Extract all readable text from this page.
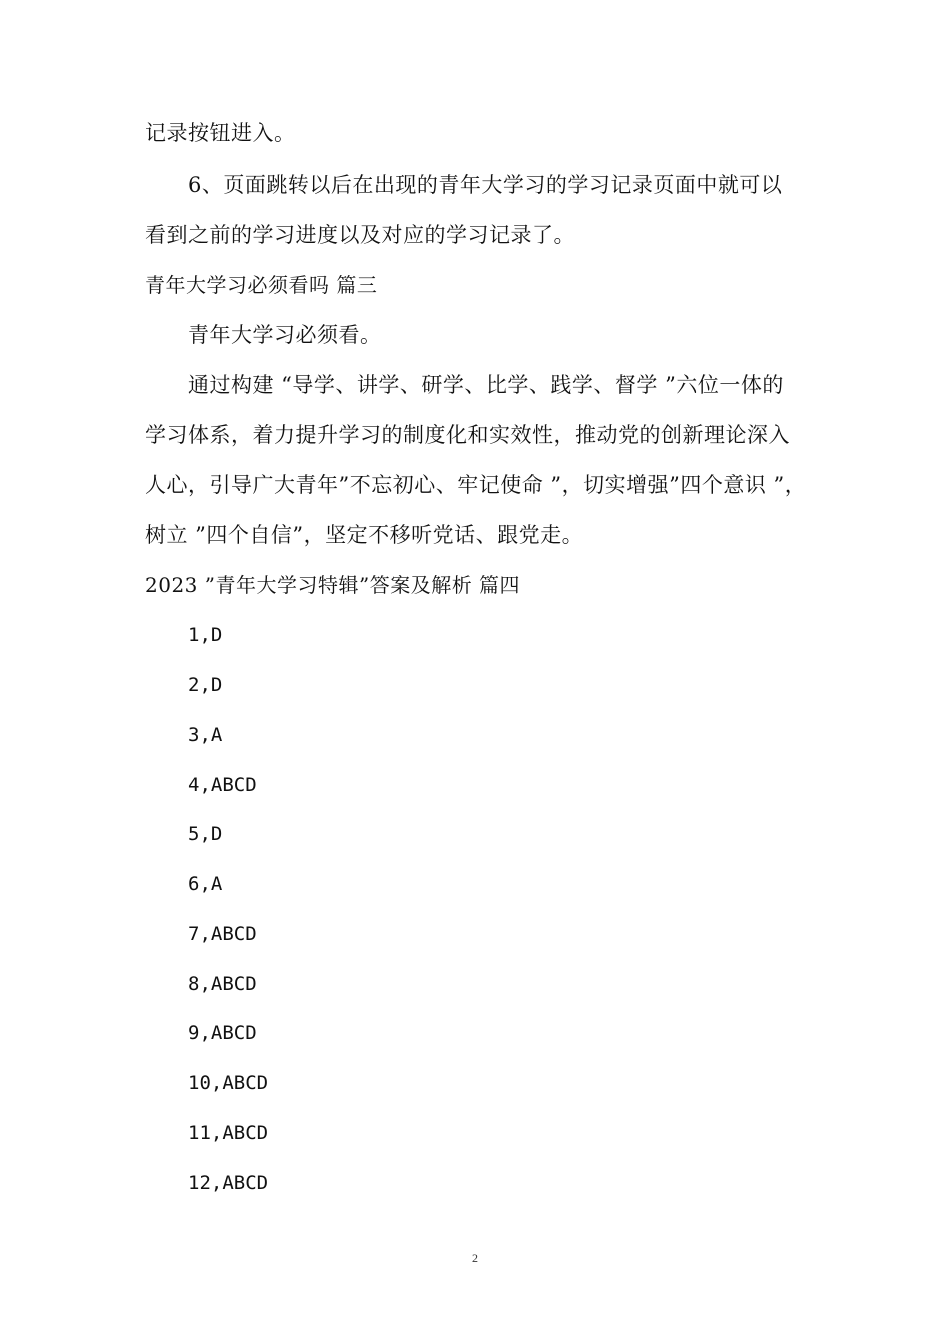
记录按钮进入。
6、页面跳转以后在出现的青年大学习的学习记录页面中就可以
看到之前的学习进度以及对应的学习记录了。
青年大学习必须看吗 篇三
青年大学习必须看。
通过构建 “导学、讲学、研学、比学、践学、督学 ”六位一体的
学习体系，着力提升学习的制度化和实效性，推动党的创新理论深入
人心，引导广大青年”不忘初心、牢记使命 ”，切实增强”四个意识 ”，
树立 ”四个自信”，坚定不移听党话、跟党走。
2023 ”青年大学习特辑”答案及解析 篇四
1,D
2,D
3,A
4,ABCD
5,D
6,A
7,ABCD
8,ABCD
9,ABCD
10,ABCD
11,ABCD
12,ABCD
2
